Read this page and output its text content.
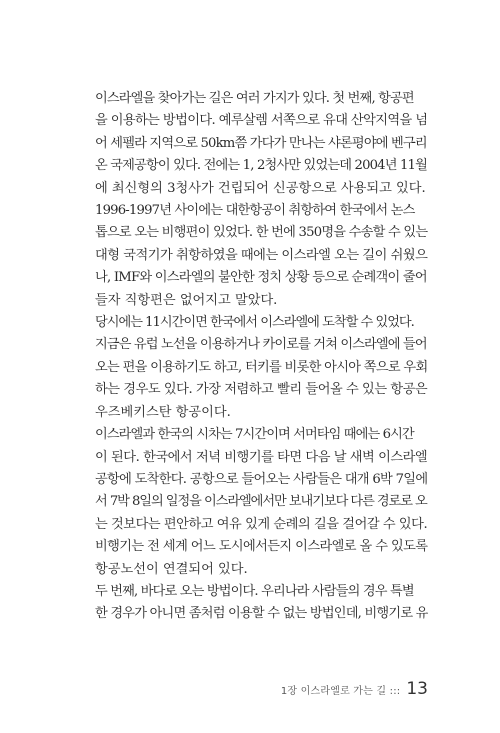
이스라엘을 찾아가는 길은 여러 가지가 있다. 첫 번째, 항공편
을 이용하는 방법이다. 예루살렘 서쪽으로 유대 산악지역을 넘
어 세펠라 지역으로 50km쯤 가다가 만나는 샤론평야에 벤구리
온 국제공항이 있다. 전에는 1, 2청사만 있었는데 2004년 11월
에 최신형의 3청사가 건립되어 신공항으로 사용되고 있다.
1996-1997년 사이에는 대한항공이 취항하여 한국에서 논스
톱으로 오는 비행편이 있었다. 한 번에 350명을 수송할 수 있는
대형 국적기가 취항하였을 때에는 이스라엘 오는 길이 쉬웠으
나, IMF와 이스라엘의 불안한 정치 상황 등으로 순례객이 줄어
들자 직항편은 없어지고 말았다.
당시에는 11시간이면 한국에서 이스라엘에 도착할 수 있었다.
지금은 유럽 노선을 이용하거나 카이로를 거쳐 이스라엘에 들어
오는 편을 이용하기도 하고, 터키를 비롯한 아시아 쪽으로 우회
하는 경우도 있다. 가장 저렴하고 빨리 들어올 수 있는 항공은
우즈베키스탄 항공이다.
이스라엘과 한국의 시차는 7시간이며 서머타임 때에는 6시간
이 된다. 한국에서 저녁 비행기를 타면 다음 날 새벽 이스라엘
공항에 도착한다. 공항으로 들어오는 사람들은 대개 6박 7일에
서 7박 8일의 일정을 이스라엘에서만 보내기보다 다른 경로로 오
는 것보다는 편안하고 여유 있게 순례의 길을 걸어갈 수 있다.
비행기는 전 세계 어느 도시에서든지 이스라엘로 올 수 있도록
항공노선이 연결되어 있다.
두 번째, 바다로 오는 방법이다. 우리나라 사람들의 경우 특별
한 경우가 아니면 좀처럼 이용할 수 없는 방법인데, 비행기로 유
1장 이스라엘로 가는 길 ::: 13
